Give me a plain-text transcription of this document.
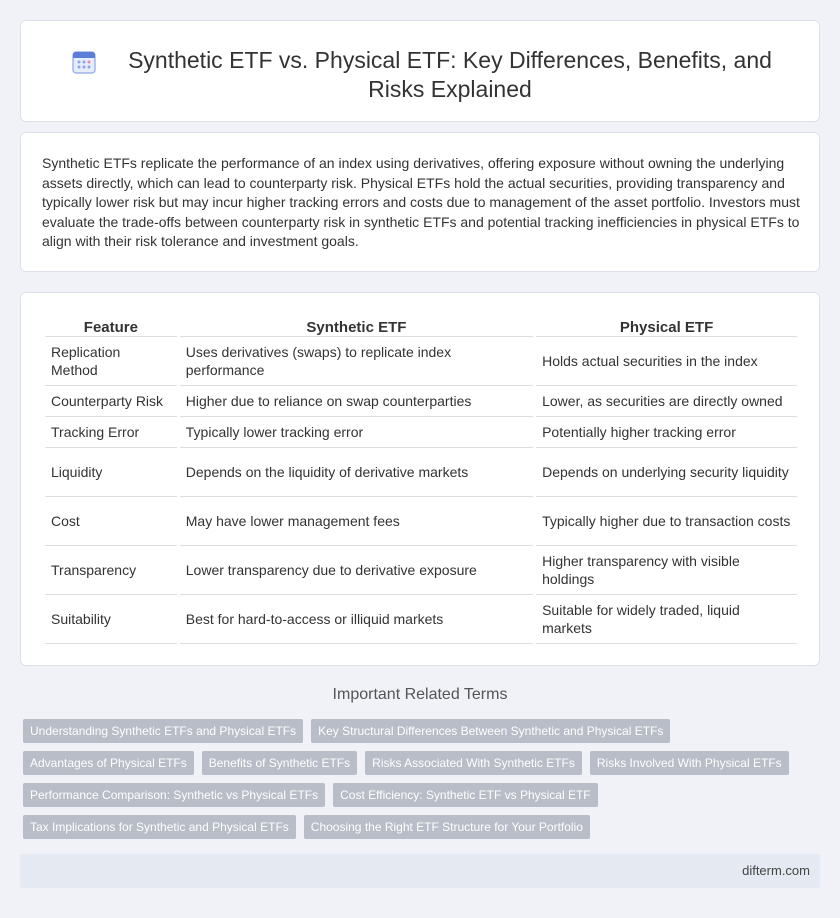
Synthetic ETF vs. Physical ETF: Key Differences, Benefits, and Risks Explained

Synthetic ETFs replicate the performance of an index using derivatives, offering exposure without owning the underlying assets directly, which can lead to counterparty risk. Physical ETFs hold the actual securities, providing transparency and typically lower risk but may incur higher tracking errors and costs due to management of the asset portfolio. Investors must evaluate the trade-offs between counterparty risk in synthetic ETFs and potential tracking inefficiencies in physical ETFs to align with their risk tolerance and investment goals.

Feature	Synthetic ETF	Physical ETF
Replication Method	Uses derivatives (swaps) to replicate index performance	Holds actual securities in the index
Counterparty Risk	Higher due to reliance on swap counterparties	Lower, as securities are directly owned
Tracking Error	Typically lower tracking error	Potentially higher tracking error
Liquidity	Depends on the liquidity of derivative markets	Depends on underlying security liquidity
Cost	May have lower management fees	Typically higher due to transaction costs
Transparency	Lower transparency due to derivative exposure	Higher transparency with visible holdings
Suitability	Best for hard-to-access or illiquid markets	Suitable for widely traded, liquid markets
Important Related Terms
Understanding Synthetic ETFs and Physical ETFs	Key Structural Differences Between Synthetic and Physical ETFs
Advantages of Physical ETFs	Benefits of Synthetic ETFs	Risks Associated With Synthetic ETFs	Risks Involved With Physical ETFs
Performance Comparison: Synthetic vs Physical ETFs	Cost Efficiency: Synthetic ETF vs Physical ETF
Tax Implications for Synthetic and Physical ETFs	Choosing the Right ETF Structure for Your Portfolio
difterm.com
